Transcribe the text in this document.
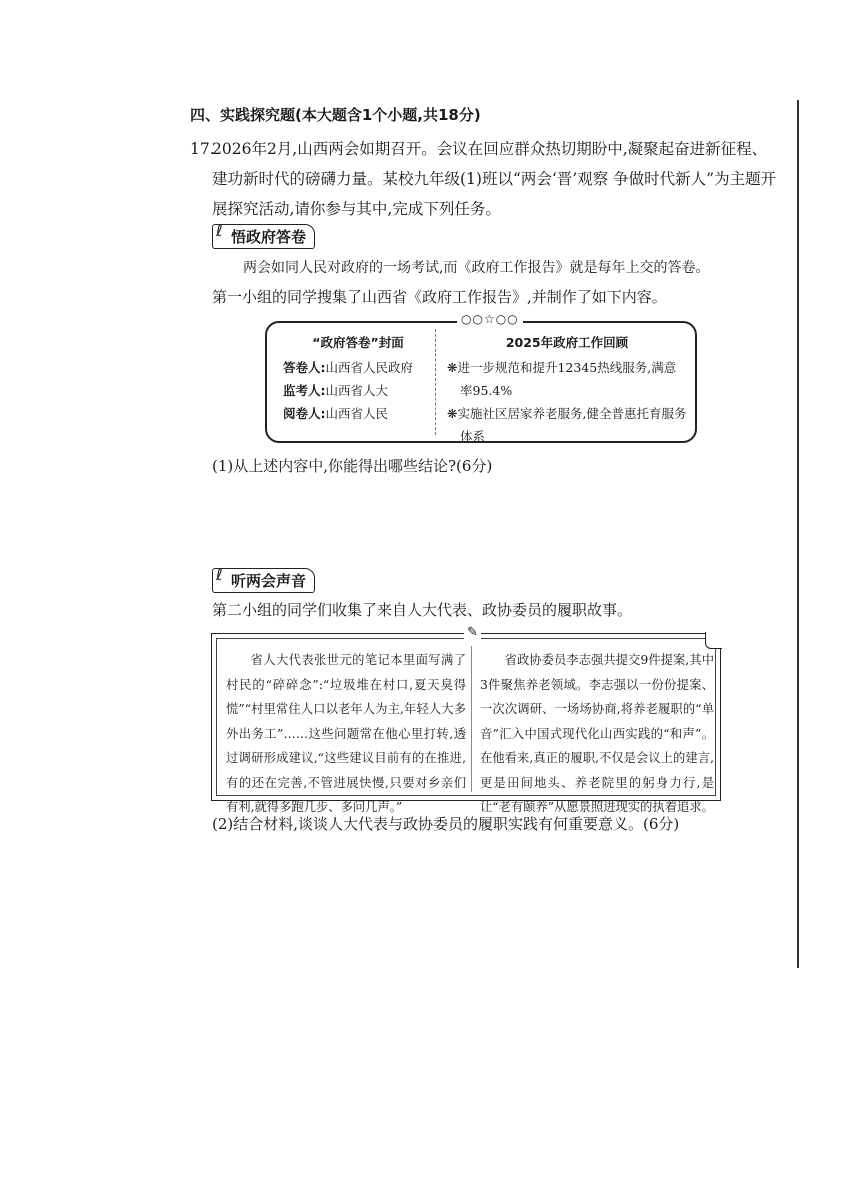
四、实践探究题(本大题含1个小题,共18分)
17.
2026年2月,山西两会如期召开。会议在回应群众热切期盼中,凝聚起奋进新征程、建功新时代的磅礴力量。某校九年级(1)班以“两会‘晋’观察 争做时代新人”为主题开展探究活动,请你参与其中,完成下列任务。
ℓ 悟政府答卷
两会如同人民对政府的一场考试,而《政府工作报告》就是每年上交的答卷。
第一小组的同学搜集了山西省《政府工作报告》,并制作了如下内容。
○○☆○○
“政府答卷”封面
答卷人:山西省人民政府
监考人:山西省人大
阅卷人:山西省人民
2025年政府工作回顾
❋进一步规范和提升12345热线服务,满意率95.4%
❋实施社区居家养老服务,健全普惠托育服务体系
(1)从上述内容中,你能得出哪些结论?(6分)
ℓ 听两会声音
第二小组的同学们收集了来自人大代表、政协委员的履职故事。
✎
省人大代表张世元的笔记本里面写满了村民的“碎碎念”:“垃圾堆在村口,夏天臭得慌”“村里常住人口以老年人为主,年轻人大多外出务工”……这些问题常在他心里打转,透过调研形成建议,“这些建议目前有的在推进,有的还在完善,不管进展快慢,只要对乡亲们有利,就得多跑几步、多问几声。”
省政协委员李志强共提交9件提案,其中3件聚焦养老领域。李志强以一份份提案、一次次调研、一场场协商,将养老履职的“单音”汇入中国式现代化山西实践的“和声”。在他看来,真正的履职,不仅是会议上的建言,更是田间地头、养老院里的躬身力行,是让“老有颐养”从愿景照进现实的执着追求。
(2)结合材料,谈谈人大代表与政协委员的履职实践有何重要意义。(6分)
